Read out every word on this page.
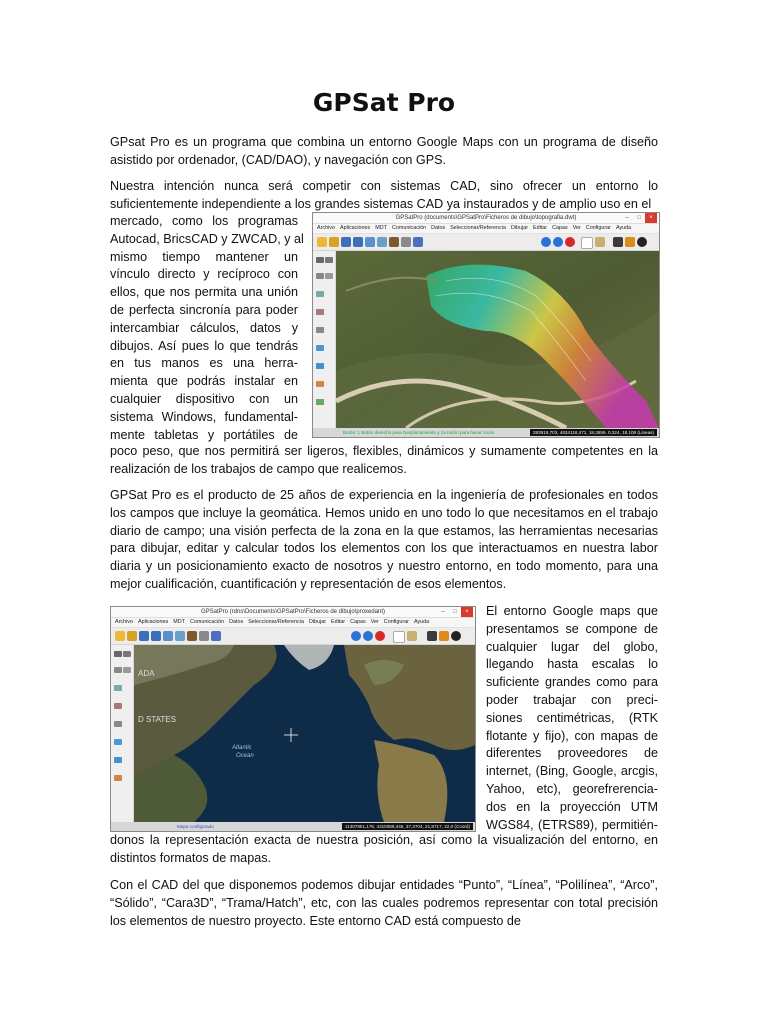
GPSat Pro

GPsat Pro es un programa que combina un entorno Google Maps con un programa de diseño asistido por ordenador, (CAD/DAO), y navegación con GPS.

Nuestra intención nunca será competir con sistemas CAD, sino ofrecer un entorno lo suficientemente independiente a los grandes sistemas CAD ya instaurados y de amplio uso en el

mercado, como los programas
Autocad, BricsCAD y ZWCAD, y al
mismo tiempo mantener un
vínculo directo y recíproco con
ellos, que nos permita una unión
de perfecta sincronía para poder
intercambiar cálculos, datos y
dibujos. Así pues lo que tendrás
en tus manos es una herra-
mienta que podrás instalar en
cualquier dispositivo con un
sistema Windows, fundamental-
mente tabletas y portátiles de
GPSatPro (documents\GPSatPro\Ficheros de dibujo\topografia.dwt)	– □ ×
Archivo Aplicaciones MDT Comunicación Datos Seleccionar/Referencia Dibujar Editar Capas Ver Configurar Ayuda
Botón: 1 Botón derecho para Desplazamiento y 2a botón para hacer zoom	283919,703, 4634118,471, 18,3659, 0,324, 18,108 (Lineas)

poco peso, que nos permitirá ser ligeros, flexibles, dinámicos y sumamente competentes en la realización de los trabajos de campo que realicemos.

GPSat Pro es el producto de 25 años de experiencia en la ingeniería de profesionales en todos los campos que incluye la geomática. Hemos unido en uno todo lo que necesitamos en el trabajo diario de campo; una visión perfecta de la zona en la que estamos, las herramientas necesarias para dibujar, editar y calcular todos los elementos con los que interactuamos en nuestra labor diaria y un posicionamiento exacto de nosotros y nuestro entorno, en todo momento, para una mejor cualificación, cuantificación y representación de esos elementos.

GPSatPro (rdns\Documents\GPSatPro\Ficheros de dibujo\proxedant)	– □ ×
Archivo Aplicaciones MDT Comunicación Datos Seleccionar/Referencia Dibujar Editar Capas Ver Configurar Ayuda
ADA
D STATES
Atlantic
Ocean
Mapa configurado	11307851,176, 4310089,445, 37,3704, 21,8717, 22,0 (Coord)
El entorno Google maps que
presentamos se compone de
cualquier lugar del globo,
llegando hasta escalas lo
suficiente grandes como para
poder trabajar con preci-
siones centimétricas, (RTK
flotante y fijo), con mapas de
diferentes proveedores de
internet, (Bing, Google, arcgis,
Yahoo, etc), georefrerencia-
dos en la proyección UTM
WGS84, (ETRS89), permitién-

donos la representación exacta de nuestra posición, así como la visualización del entorno, en distintos formatos de mapas.

Con el CAD del que disponemos podemos dibujar entidades “Punto”, “Línea”, “Polilínea”, “Arco”, “Sólido”, “Cara3D”, “Trama/Hatch”, etc, con las cuales podremos representar con total precisión los elementos de nuestro proyecto. Este entorno CAD está compuesto de
